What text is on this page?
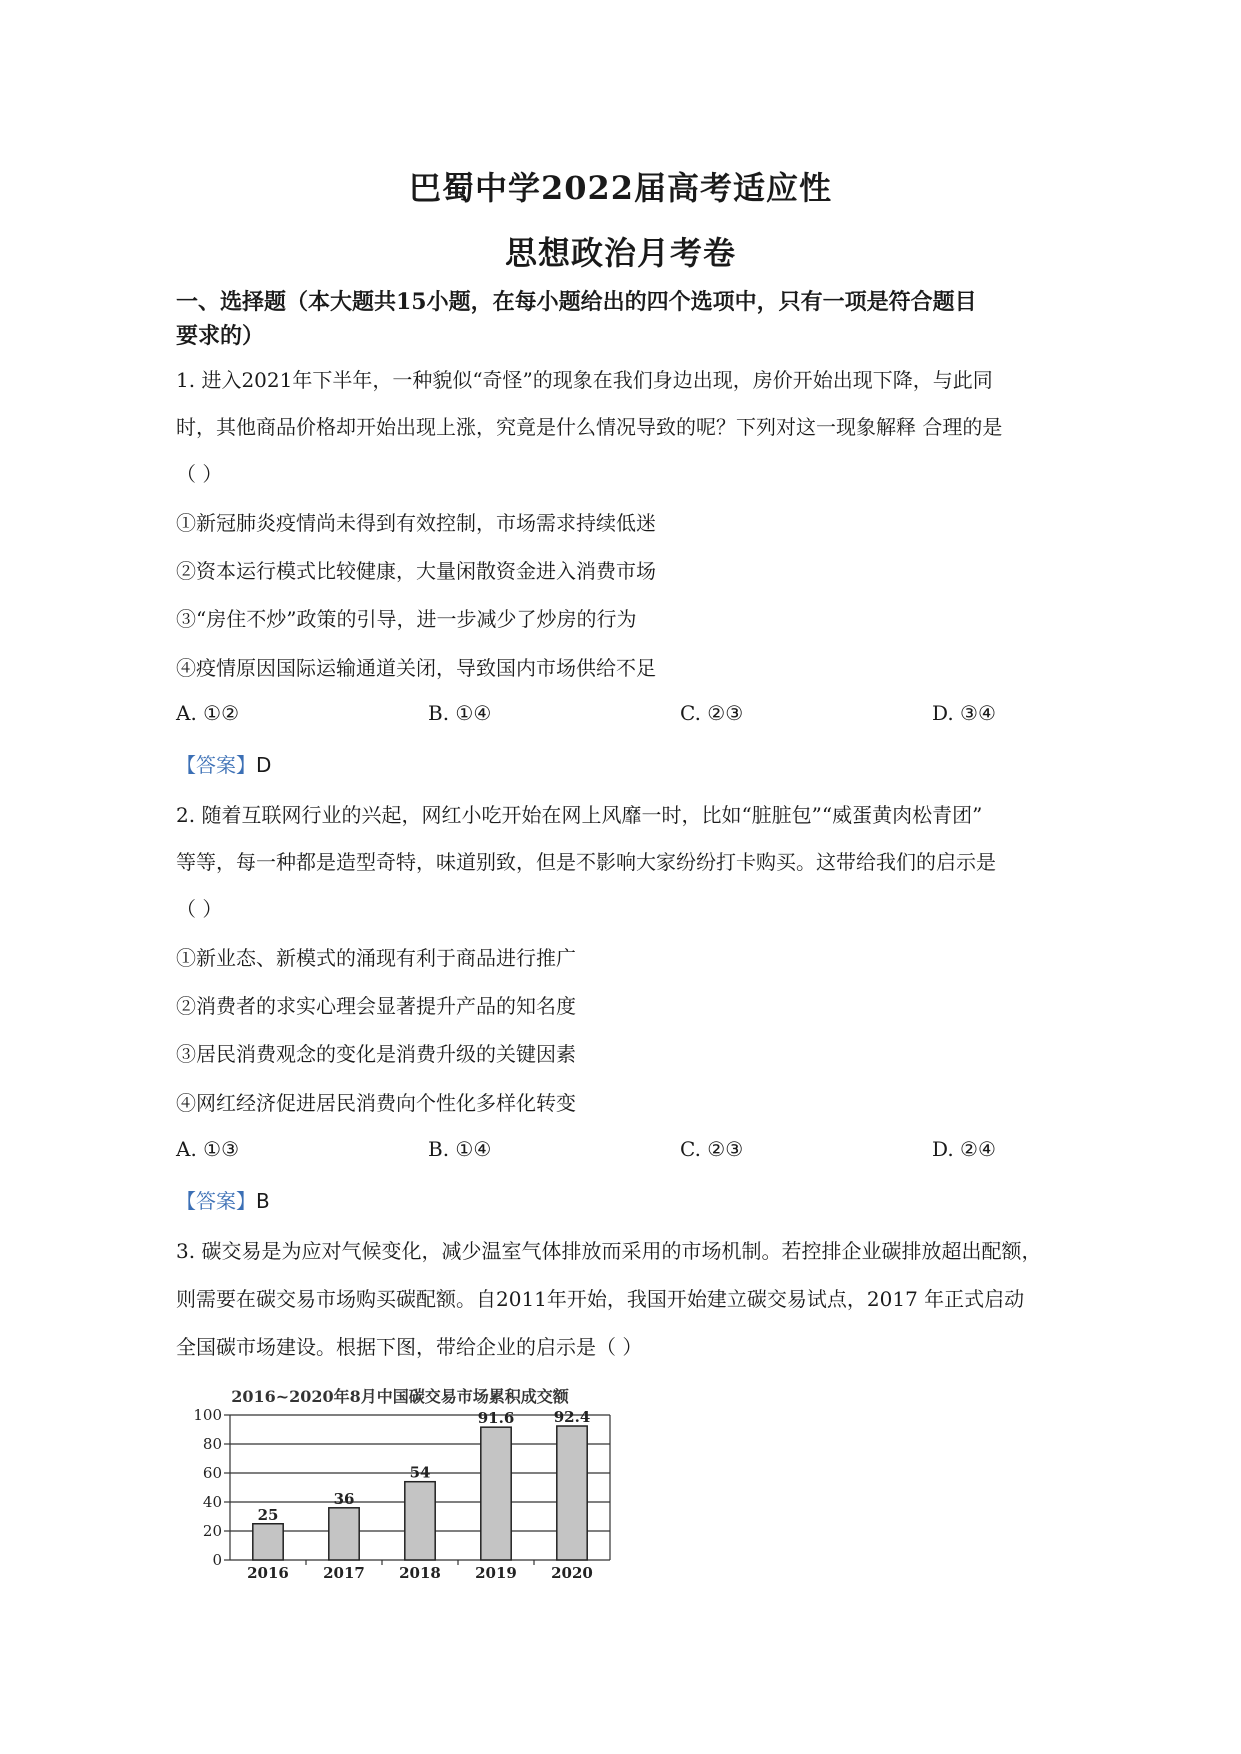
巴蜀中学2022届高考适应性
思想政治月考卷
一、选择题（本大题共15小题，在每小题给出的四个选项中，只有一项是符合题目
要求的）
1. 进入2021年下半年，一种貌似“奇怪”的现象在我们身边出现，房价开始出现下降，与此同
时，其他商品价格却开始出现上涨，究竟是什么情况导致的呢？下列对这一现象解释 合理的是
（ ）
①新冠肺炎疫情尚未得到有效控制，市场需求持续低迷
②资本运行模式比较健康，大量闲散资金进入消费市场
③“房住不炒”政策的引导，进一步减少了炒房的行为
④疫情原因国际运输通道关闭，导致国内市场供给不足
A. ①②	B. ①④	C. ②③	D. ③④
【答案】D
2. 随着互联网行业的兴起，网红小吃开始在网上风靡一时，比如“脏脏包”“威蛋黄肉松青团”
等等，每一种都是造型奇特，味道别致，但是不影响大家纷纷打卡购买。这带给我们的启示是
（ ）
①新业态、新模式的涌现有利于商品进行推广
②消费者的求实心理会显著提升产品的知名度
③居民消费观念的变化是消费升级的关键因素
④网红经济促进居民消费向个性化多样化转变
A. ①③	B. ①④	C. ②③	D. ②④
【答案】B
3. 碳交易是为应对气候变化，减少温室气体排放而采用的市场机制。若控排企业碳排放超出配额，
则需要在碳交易市场购买碳配额。自2011年开始，我国开始建立碳交易试点，2017 年正式启动
全国碳市场建设。根据下图，带给企业的启示是（ ）
2016~2020年8月中国碳交易市场累积成交额
0
20
40
60
80
100
25
36
54
91.6	92.4
2016 2017 2018 2019 2020
